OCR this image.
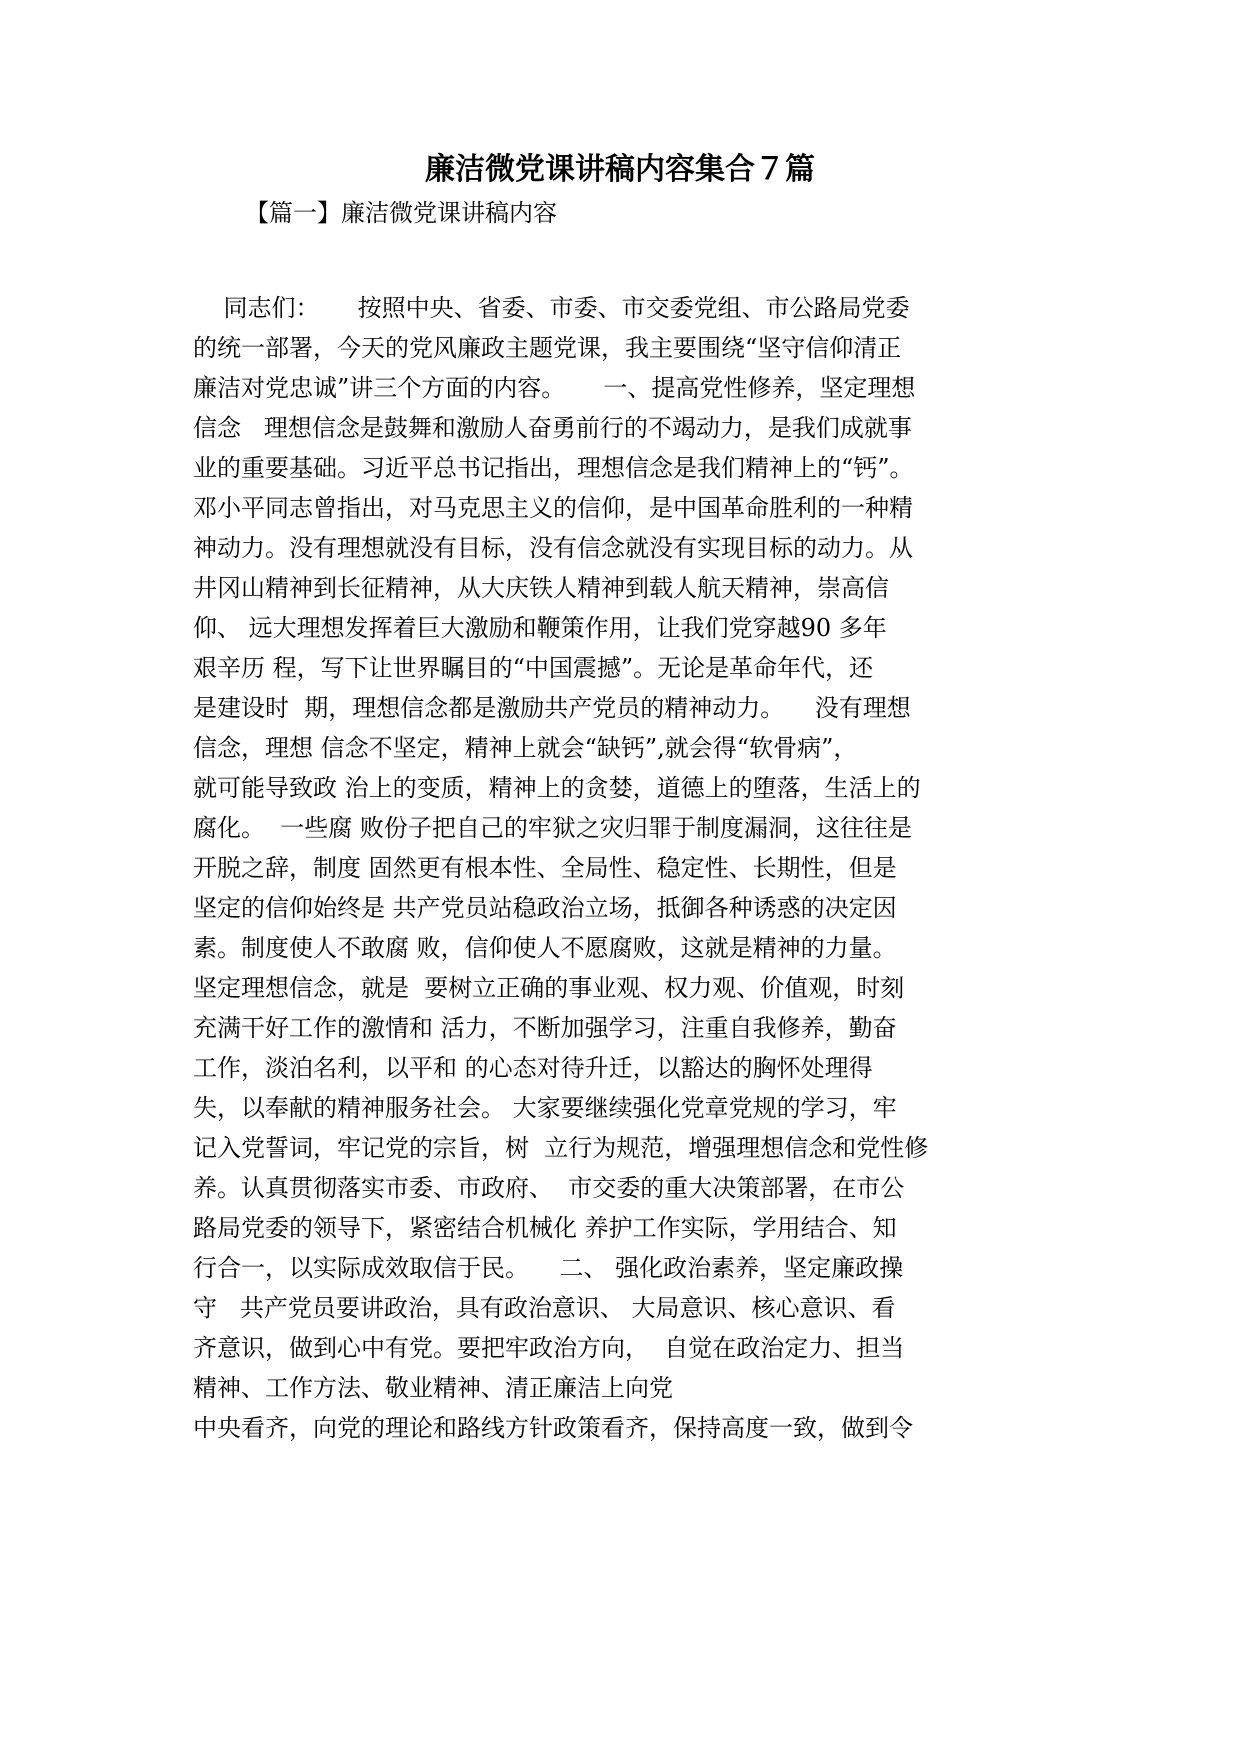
廉洁微党课讲稿内容集合７篇
【篇一】廉洁微党课讲稿内容
同志们：     按照中央、省委、市委、市交委党组、市公路局党委
的统一部署，今天的党风廉政主题党课，我主要围绕“坚守信仰清正
廉洁对党忠诚”讲三个方面的内容。     一、提高党性修养，坚定理想
信念   理想信念是鼓舞和激励人奋勇前行的不竭动力，是我们成就事
业的重要基础。习近平总书记指出，理想信念是我们精神上的“钙”。
邓小平同志曾指出，对马克思主义的信仰，是中国革命胜利的一种精
神动力。没有理想就没有目标，没有信念就没有实现目标的动力。从
井冈山精神到长征精神，从大庆铁人精神到载人航天精神，崇高信
仰、 远大理想发挥着巨大激励和鞭策作用，让我们党穿越90 多年
艰辛历 程，写下让世界瞩目的“中国震撼”。无论是革命年代，还
是建设时  期，理想信念都是激励共产党员的精神动力。    没有理想
信念，理想 信念不坚定，精神上就会“缺钙”,就会得“软骨病”，
就可能导致政 治上的变质，精神上的贪婪，道德上的堕落，生活上的
腐化。  一些腐 败份子把自己的牢狱之灾归罪于制度漏洞，这往往是
开脱之辞，制度 固然更有根本性、全局性、稳定性、长期性，但是
坚定的信仰始终是 共产党员站稳政治立场，抵御各种诱惑的决定因
素。制度使人不敢腐 败，信仰使人不愿腐败，这就是精神的力量。
坚定理想信念，就是  要树立正确的事业观、权力观、价值观，时刻
充满干好工作的激情和 活力，不断加强学习，注重自我修养，勤奋
工作，淡泊名利，以平和 的心态对待升迁，以豁达的胸怀处理得
失，以奉献的精神服务社会。 大家要继续强化党章党规的学习，牢
记入党誓词，牢记党的宗旨，树  立行为规范，增强理想信念和党性修
养。认真贯彻落实市委、市政府、  市交委的重大决策部署，在市公
路局党委的领导下，紧密结合机械化 养护工作实际，学用结合、知
行合一，以实际成效取信于民。    二、 强化政治素养，坚定廉政操
守   共产党员要讲政治，具有政治意识、 大局意识、核心意识、看
齐意识，做到心中有党。要把牢政治方向，  自觉在政治定力、担当
精神、工作方法、敬业精神、清正廉洁上向党
中央看齐，向党的理论和路线方针政策看齐，保持高度一致，做到令
